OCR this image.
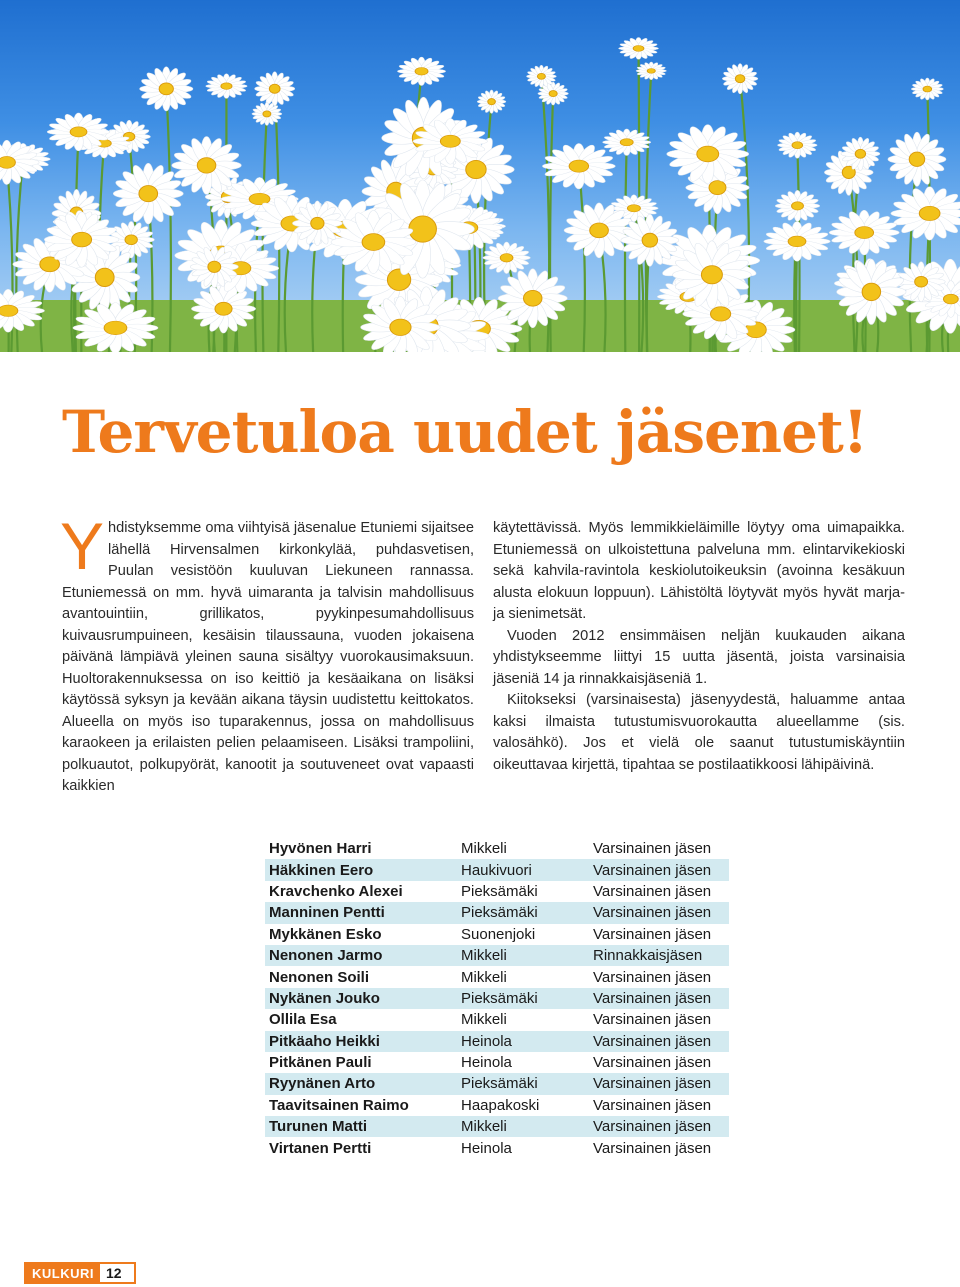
Tervetuloa uudet jäsenet!

Yhdistyksemme oma viihtyisä jäsenalue Etuniemi sijaitsee lähellä Hirvensalmen kirkonkylää, puhdasvetisen, Puulan vesistöön kuuluvan Liekuneen rannassa. Etuniemessä on mm. hyvä uimaranta ja talvisin mahdollisuus avantouintiin, grillikatos, pyykinpesumahdollisuus kuivausrumpuineen, kesäisin tilaussauna, vuoden jokaisena päivänä lämpiävä yleinen sauna sisältyy vuorokausimaksuun. Huoltorakennuksessa on iso keittiö ja kesäaikana on lisäksi käytössä syksyn ja kevään aikana täysin uudistettu keittokatos. Alueella on myös iso tuparakennus, jossa on mahdollisuus karaokeen ja erilaisten pelien pelaamiseen. Lisäksi trampoliini, polkuautot, polkupyörät, kanootit ja soutuveneet ovat vapaasti kaikkien

käytettävissä. Myös lemmikkieläimille löytyy oma uimapaikka. Etuniemessä on ulkoistettuna palveluna mm. elintarvikekioski sekä kahvila-ravintola keskiolutoikeuksin (avoinna kesäkuun alusta elokuun loppuun). Lähistöltä löytyvät myös hyvät marja- ja sienimetsät.

Vuoden 2012 ensimmäisen neljän kuukauden aikana yhdistykseemme liittyi 15 uutta jäsentä, joista varsinaisia jäseniä 14 ja rinnakkaisjäseniä 1.

Kiitokseksi (varsinaisesta) jäsenyydestä, haluamme antaa kaksi ilmaista tutustumisvuorokautta alueellamme (sis. valosähkö). Jos et vielä ole saanut tutustumiskäyntiin oikeuttavaa kirjettä, tipahtaa se postilaatikkoosi lähipäivinä.

Hyvönen Harri	Mikkeli	Varsinainen jäsen
Häkkinen Eero	Haukivuori	Varsinainen jäsen
Kravchenko Alexei	Pieksämäki	Varsinainen jäsen
Manninen Pentti	Pieksämäki	Varsinainen jäsen
Mykkänen Esko	Suonenjoki	Varsinainen jäsen
Nenonen Jarmo	Mikkeli	Rinnakkaisjäsen
Nenonen Soili	Mikkeli	Varsinainen jäsen
Nykänen Jouko	Pieksämäki	Varsinainen jäsen
Ollila Esa	Mikkeli	Varsinainen jäsen
Pitkäaho Heikki	Heinola	Varsinainen jäsen
Pitkänen Pauli	Heinola	Varsinainen jäsen
Ryynänen Arto	Pieksämäki	Varsinainen jäsen
Taavitsainen Raimo	Haapakoski	Varsinainen jäsen
Turunen Matti	Mikkeli	Varsinainen jäsen
Virtanen Pertti	Heinola	Varsinainen jäsen
KULKURI 12
